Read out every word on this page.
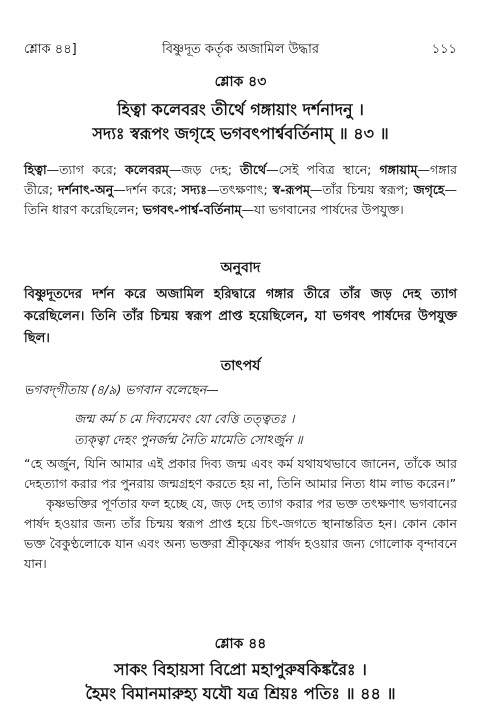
শ্লোক ৪৪]	বিষ্ণুদূত কর্তৃক অজামিল উদ্ধার	১১১
শ্লোক ৪৩
হিত্বা কলেবরং তীর্থে গঙ্গায়াং দর্শনাদনু ।
সদ্যঃ স্বরূপং জগৃহে ভগবৎপার্শ্ববর্তিনাম্ ॥ ৪৩ ॥
হিত্বা—ত্যাগ করে; কলেবরম্—জড় দেহ; তীর্থে—সেই পবিত্র স্থানে; গঙ্গায়াম্—গঙ্গার তীরে; দর্শনাৎ-অনু—দর্শন করে; সদ্যঃ—তৎক্ষণাৎ; স্ব-রূপম্—তাঁর চিন্ময় স্বরূপ; জগৃহে—তিনি ধারণ করেছিলেন; ভগবৎ-পার্শ্ব-বর্তিনাম্—যা ভগবানের পার্ষদের উপযুক্ত।
অনুবাদ
বিষ্ণুদূতদের দর্শন করে অজামিল হরিদ্বারে গঙ্গার তীরে তাঁর জড় দেহ ত্যাগ করেছিলেন। তিনি তাঁর চিন্ময় স্বরূপ প্রাপ্ত হয়েছিলেন, যা ভগবৎ পার্ষদের উপযুক্ত ছিল।
তাৎপর্য
ভগবদ্‌গীতায় (৪/৯) ভগবান বলেছেন—
জন্ম কর্ম চ মে দিব্যমেবং যো বেত্তি তত্ত্বতঃ ।
ত্যক্ত্বা দেহং পুনর্জন্ম নৈতি মামেতি সোঽর্জুন ॥
“হে অর্জুন, যিনি আমার এই প্রকার দিব্য জন্ম এবং কর্ম যথাযথভাবে জানেন, তাঁকে আর দেহত্যাগ করার পর পুনরায় জন্মগ্রহণ করতে হয় না, তিনি আমার নিত্য ধাম লাভ করেন।”
কৃষ্ণভক্তির পূর্ণতার ফল হচ্ছে যে, জড় দেহ ত্যাগ করার পর ভক্ত তৎক্ষণাৎ ভগবানের পার্ষদ হওয়ার জন্য তাঁর চিন্ময় স্বরূপ প্রাপ্ত হয়ে চিৎ-জগতে স্থানান্তরিত হন। কোন কোন ভক্ত বৈকুণ্ঠলোকে যান এবং অন্য ভক্তরা শ্রীকৃষ্ণের পার্ষদ হওয়ার জন্য গোলোক বৃন্দাবনে যান।
শ্লোক ৪৪
সাকং বিহায়সা বিপ্রো মহাপুরুষকিঙ্করৈঃ ।
হৈমং বিমানমারুহ্য যযৌ যত্র শ্রিয়ঃ পতিঃ ॥ ৪৪ ॥
